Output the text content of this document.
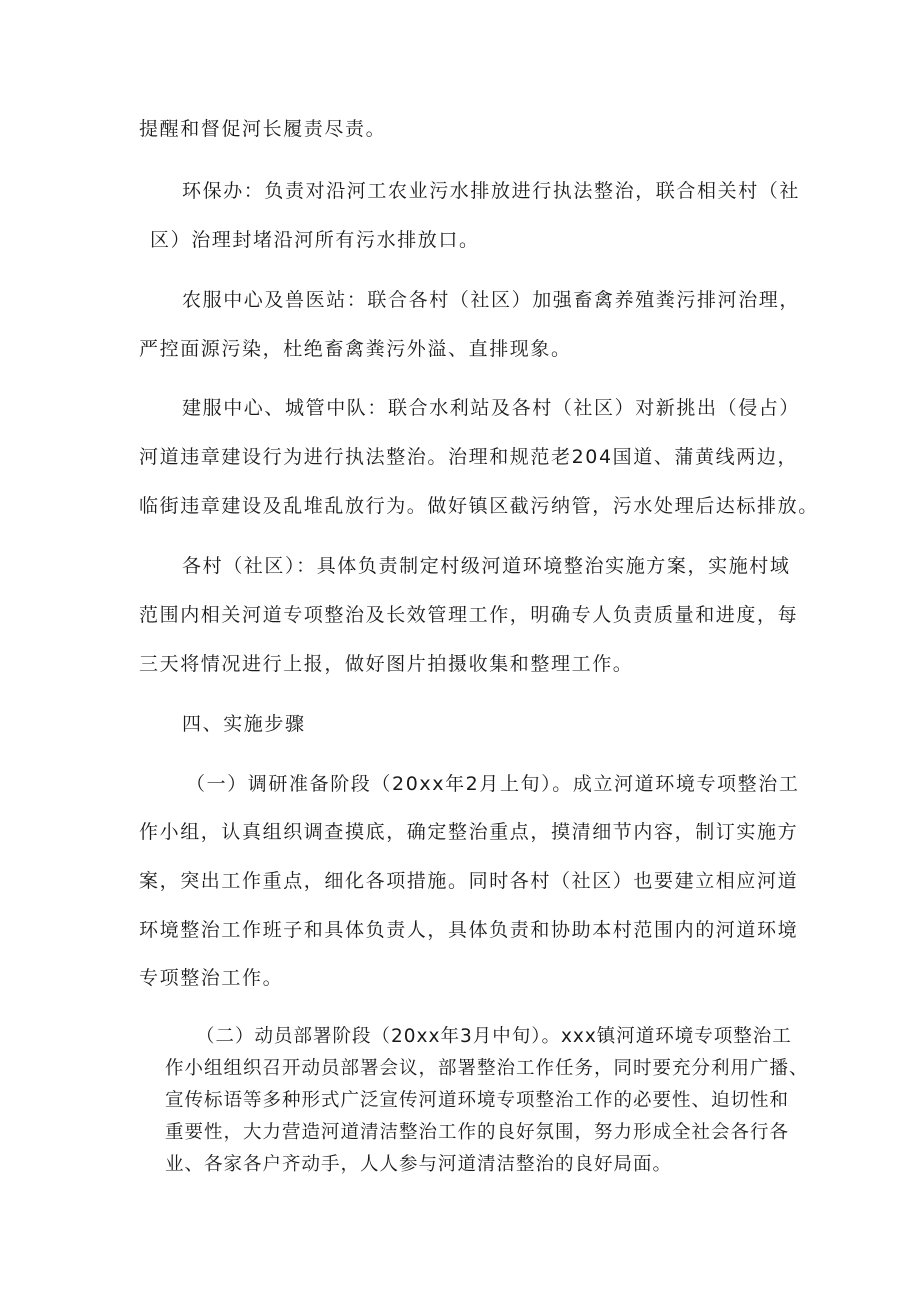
提醒和督促河长履责尽责。

环保办：负责对沿河工农业污水排放进行执法整治，联合相关村（社

区）治理封堵沿河所有污水排放口。

农服中心及兽医站：联合各村（社区）加强畜禽养殖粪污排河治理，

严控面源污染，杜绝畜禽粪污外溢、直排现象。

建服中心、城管中队：联合水利站及各村（社区）对新挑出（侵占）

河道违章建设行为进行执法整治。治理和规范老204国道、蒲黄线两边，

临街违章建设及乱堆乱放行为。做好镇区截污纳管，污水处理后达标排放。

各村（社区）：具体负责制定村级河道环境整治实施方案，实施村域

范围内相关河道专项整治及长效管理工作，明确专人负责质量和进度，每

三天将情况进行上报，做好图片拍摄收集和整理工作。

四、实施步骤

（一）调研准备阶段（20xx年2月上旬）。成立河道环境专项整治工

作小组，认真组织调查摸底，确定整治重点，摸清细节内容，制订实施方

案，突出工作重点，细化各项措施。同时各村（社区）也要建立相应河道

环境整治工作班子和具体负责人，具体负责和协助本村范围内的河道环境

专项整治工作。

（二）动员部署阶段（20xx年3月中旬）。xxx镇河道环境专项整治工

作小组组织召开动员部署会议，部署整治工作任务，同时要充分利用广播、

宣传标语等多种形式广泛宣传河道环境专项整治工作的必要性、迫切性和

重要性，大力营造河道清洁整治工作的良好氛围，努力形成全社会各行各

业、各家各户齐动手，人人参与河道清洁整治的良好局面。
